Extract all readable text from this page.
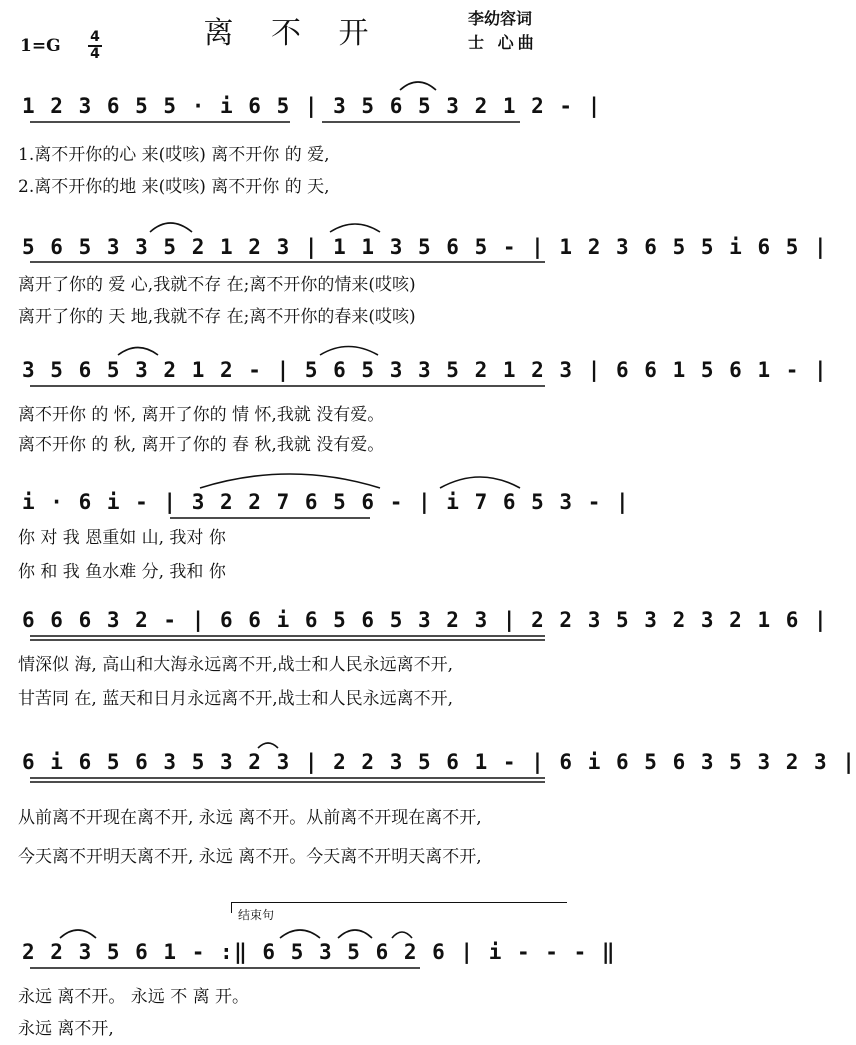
离 不 开
1=G 4
4
李幼容词
士 心曲
1 2 3 6 5 5 · i 6 5 | 3 5 6 5 3 2 1 2 - |
1.离不开你的心 来(哎咳) 离不开你 的 爱,
2.离不开你的地 来(哎咳) 离不开你 的 天,
5 6 5 3 3 5 2 1 2 3 | 1 1 3 5 6 5 - | 1 2 3 6 5 5 i 6 5 |
离开了你的 爱 心,我就不存 在;离不开你的情来(哎咳)
离开了你的 天 地,我就不存 在;离不开你的春来(哎咳)
3 5 6 5 3 2 1 2 - | 5 6 5 3 3 5 2 1 2 3 | 6 6 1 5 6 1 - |
离不开你 的 怀, 离开了你的 情 怀,我就 没有爱。
离不开你 的 秋, 离开了你的 春 秋,我就 没有爱。
i · 6 i - | 3 2 2 7 6 5 6 - | i 7 6 5 3 - |
你 对 我 恩重如 山, 我对 你
你 和 我 鱼水难 分, 我和 你
6 6 6 3 2 - | 6 6 i 6 5 6 5 3 2 3 | 2 2 3 5 3 2 3 2 1 6 |
情深似 海, 高山和大海永远离不开,战士和人民永远离不开,
甘苦同 在, 蓝天和日月永远离不开,战士和人民永远离不开,
6 i 6 5 6 3 5 3 2 3 | 2 2 3 5 6 1 - | 6 i 6 5 6 3 5 3 2 3 |
从前离不开现在离不开, 永远 离不开。从前离不开现在离不开,
今天离不开明天离不开, 永远 离不开。今天离不开明天离不开,
结束句
2 2 3 5 6 1 - :‖ 6 5 3 5 6 2 6 | i - - - ‖
永远 离不开。 永远 不 离 开。
永远 离不开,
